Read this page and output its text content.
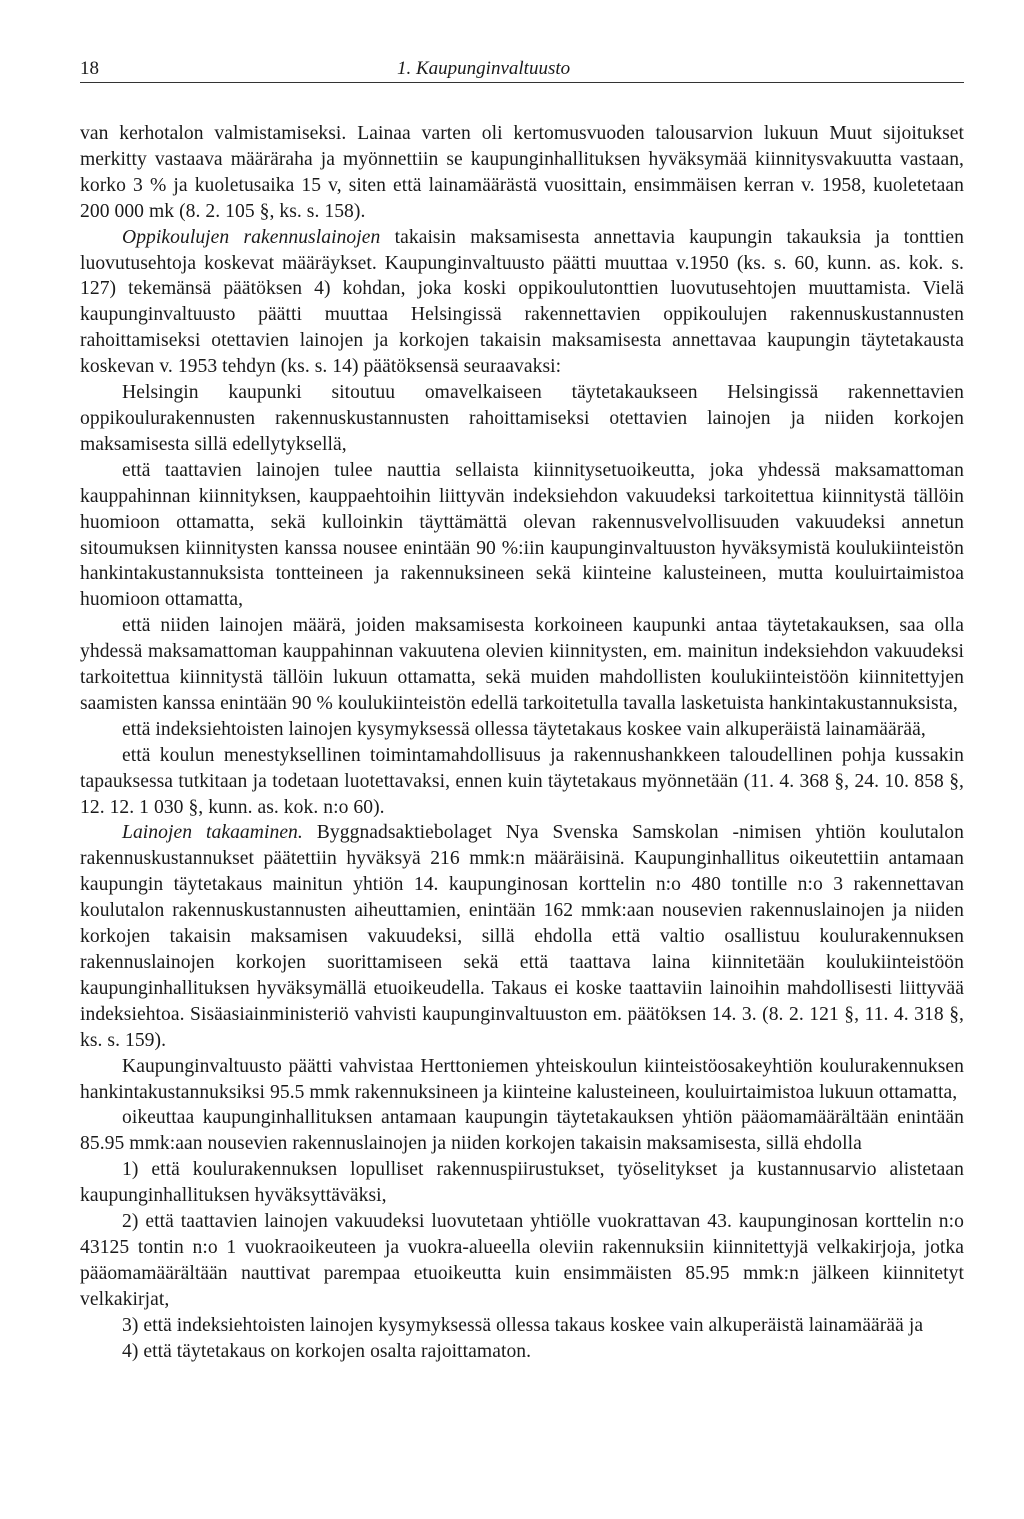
18	1. Kaupunginvaltuusto

van kerhotalon valmistamiseksi. Lainaa varten oli kertomusvuoden talousarvion lukuun Muut sijoitukset merkitty vastaava määräraha ja myönnettiin se kaupunginhallituksen hyväksymää kiinnitysvakuutta vastaan, korko 3 % ja kuoletusaika 15 v, siten että lainamäärästä vuosittain, ensimmäisen kerran v. 1958, kuoletetaan 200 000 mk (8. 2. 105 §, ks. s. 158).

Oppikoulujen rakennuslainojen takaisin maksamisesta annettavia kaupungin takauksia ja tonttien luovutusehtoja koskevat määräykset. Kaupunginvaltuusto päätti muuttaa v.1950 (ks. s. 60, kunn. as. kok. s. 127) tekemänsä päätöksen 4) kohdan, joka koski oppikoulutonttien luovutusehtojen muuttamista. Vielä kaupunginvaltuusto päätti muuttaa Helsingissä rakennettavien oppikoulujen rakennuskustannusten rahoittamiseksi otettavien lainojen ja korkojen takaisin maksamisesta annettavaa kaupungin täytetakausta koskevan v. 1953 tehdyn (ks. s. 14) päätöksensä seuraavaksi:

Helsingin kaupunki sitoutuu omavelkaiseen täytetakaukseen Helsingissä rakennettavien oppikoulurakennusten rakennuskustannusten rahoittamiseksi otettavien lainojen ja niiden korkojen maksamisesta sillä edellytyksellä,

että taattavien lainojen tulee nauttia sellaista kiinnitysetuoikeutta, joka yhdessä maksamattoman kauppahinnan kiinnityksen, kauppaehtoihin liittyvän indeksiehdon vakuudeksi tarkoitettua kiinnitystä tällöin huomioon ottamatta, sekä kulloinkin täyttämättä olevan rakennusvelvollisuuden vakuudeksi annetun sitoumuksen kiinnitysten kanssa nousee enintään 90 %:iin kaupunginvaltuuston hyväksymistä koulukiinteistön hankintakustannuksista tontteineen ja rakennuksineen sekä kiinteine kalusteineen, mutta kouluirtaimistoa huomioon ottamatta,

että niiden lainojen määrä, joiden maksamisesta korkoineen kaupunki antaa täytetakauksen, saa olla yhdessä maksamattoman kauppahinnan vakuutena olevien kiinnitysten, em. mainitun indeksiehdon vakuudeksi tarkoitettua kiinnitystä tällöin lukuun ottamatta, sekä muiden mahdollisten koulukiinteistöön kiinnitettyjen saamisten kanssa enintään 90 % koulukiinteistön edellä tarkoitetulla tavalla lasketuista hankintakustannuksista,

että indeksiehtoisten lainojen kysymyksessä ollessa täytetakaus koskee vain alkuperäistä lainamäärää,

että koulun menestyksellinen toimintamahdollisuus ja rakennushankkeen taloudellinen pohja kussakin tapauksessa tutkitaan ja todetaan luotettavaksi, ennen kuin täytetakaus myönnetään (11. 4. 368 §, 24. 10. 858 §, 12. 12. 1 030 §, kunn. as. kok. n:o 60).

Lainojen takaaminen. Byggnadsaktiebolaget Nya Svenska Samskolan -nimisen yhtiön koulutalon rakennuskustannukset päätettiin hyväksyä 216 mmk:n määräisinä. Kaupunginhallitus oikeutettiin antamaan kaupungin täytetakaus mainitun yhtiön 14. kaupunginosan korttelin n:o 480 tontille n:o 3 rakennettavan koulutalon rakennuskustannusten aiheuttamien, enintään 162 mmk:aan nousevien rakennuslainojen ja niiden korkojen takaisin maksamisen vakuudeksi, sillä ehdolla että valtio osallistuu koulurakennuksen rakennuslainojen korkojen suorittamiseen sekä että taattava laina kiinnitetään koulukiinteistöön kaupunginhallituksen hyväksymällä etuoikeudella. Takaus ei koske taattaviin lainoihin mahdollisesti liittyvää indeksiehtoa. Sisäasiainministeriö vahvisti kaupunginvaltuuston em. päätöksen 14. 3. (8. 2. 121 §, 11. 4. 318 §, ks. s. 159).

Kaupunginvaltuusto päätti vahvistaa Herttoniemen yhteiskoulun kiinteistöosakeyhtiön koulurakennuksen hankintakustannuksiksi 95.5 mmk rakennuksineen ja kiinteine kalusteineen, kouluirtaimistoa lukuun ottamatta,

oikeuttaa kaupunginhallituksen antamaan kaupungin täytetakauksen yhtiön pääomamäärältään enintään 85.95 mmk:aan nousevien rakennuslainojen ja niiden korkojen takaisin maksamisesta, sillä ehdolla

1) että koulurakennuksen lopulliset rakennuspiirustukset, työselitykset ja kustannusarvio alistetaan kaupunginhallituksen hyväksyttäväksi,

2) että taattavien lainojen vakuudeksi luovutetaan yhtiölle vuokrattavan 43. kaupunginosan korttelin n:o 43125 tontin n:o 1 vuokraoikeuteen ja vuokra-alueella oleviin rakennuksiin kiinnitettyjä velkakirjoja, jotka pääomamäärältään nauttivat parempaa etuoikeutta kuin ensimmäisten 85.95 mmk:n jälkeen kiinnitetyt velkakirjat,

3) että indeksiehtoisten lainojen kysymyksessä ollessa takaus koskee vain alkuperäistä lainamäärää ja

4) että täytetakaus on korkojen osalta rajoittamaton.
